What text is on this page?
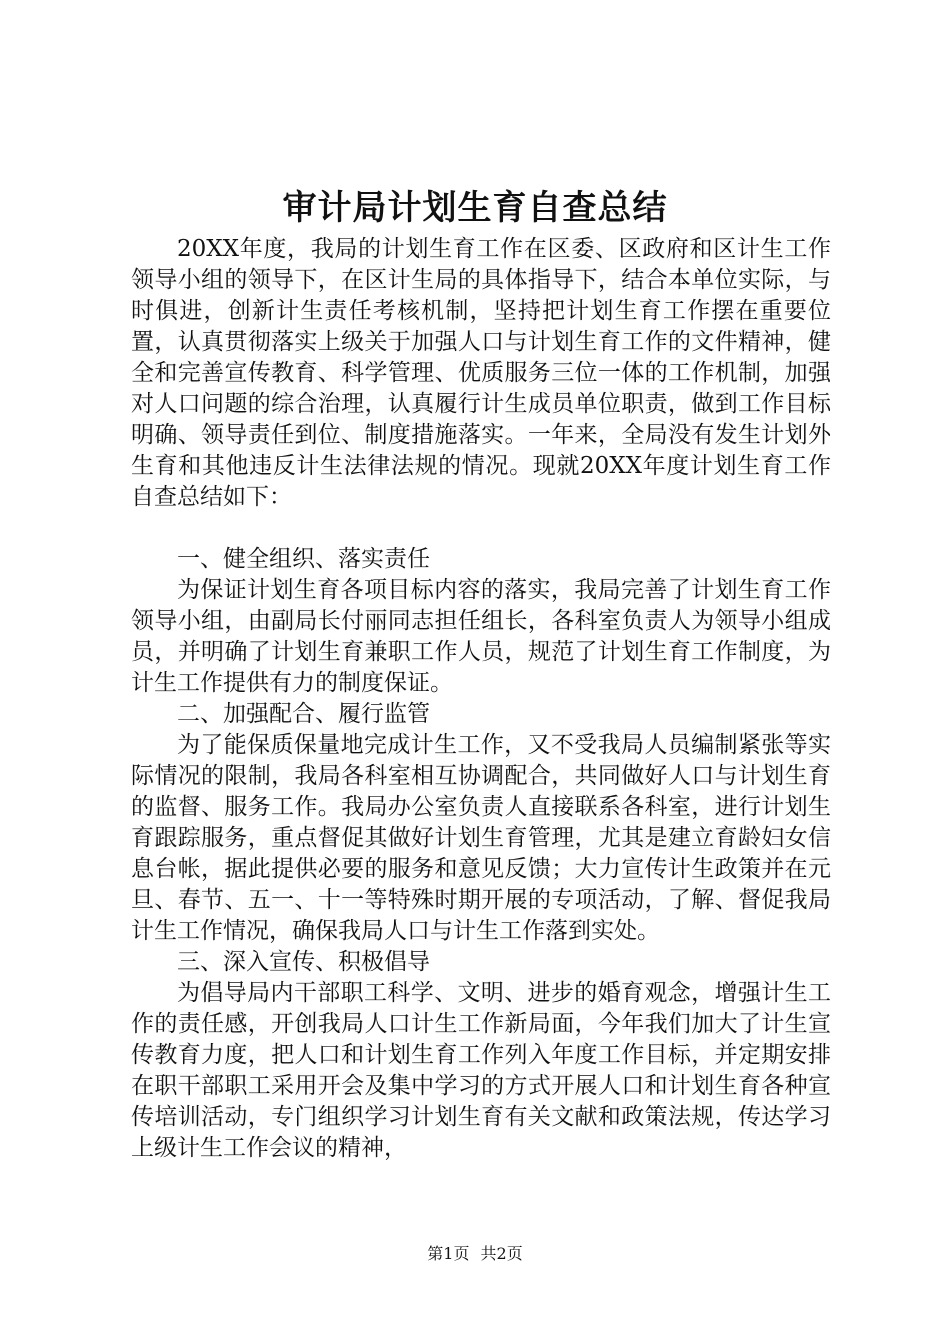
审计局计划生育自查总结

20XX年度，我局的计划生育工作在区委、区政府和区计生工作领导小组的领导下，在区计生局的具体指导下，结合本单位实际，与时俱进，创新计生责任考核机制，坚持把计划生育工作摆在重要位置，认真贯彻落实上级关于加强人口与计划生育工作的文件精神，健全和完善宣传教育、科学管理、优质服务三位一体的工作机制，加强对人口问题的综合治理，认真履行计生成员单位职责，做到工作目标明确、领导责任到位、制度措施落实。一年来，全局没有发生计划外生育和其他违反计生法律法规的情况。现就20XX年度计划生育工作自查总结如下：

一、健全组织、落实责任

为保证计划生育各项目标内容的落实，我局完善了计划生育工作领导小组，由副局长付丽同志担任组长，各科室负责人为领导小组成员，并明确了计划生育兼职工作人员，规范了计划生育工作制度，为计生工作提供有力的制度保证。

二、加强配合、履行监管

为了能保质保量地完成计生工作，又不受我局人员编制紧张等实际情况的限制，我局各科室相互协调配合，共同做好人口与计划生育的监督、服务工作。我局办公室负责人直接联系各科室，进行计划生育跟踪服务，重点督促其做好计划生育管理，尤其是建立育龄妇女信息台帐，据此提供必要的服务和意见反馈；大力宣传计生政策并在元旦、春节、五一、十一等特殊时期开展的专项活动，了解、督促我局计生工作情况，确保我局人口与计生工作落到实处。

三、深入宣传、积极倡导

为倡导局内干部职工科学、文明、进步的婚育观念，增强计生工作的责任感，开创我局人口计生工作新局面，今年我们加大了计生宣传教育力度，把人口和计划生育工作列入年度工作目标，并定期安排在职干部职工采用开会及集中学习的方式开展人口和计划生育各种宣传培训活动，专门组织学习计划生育有关文献和政策法规，传达学习上级计生工作会议的精神，

第1页 共2页
